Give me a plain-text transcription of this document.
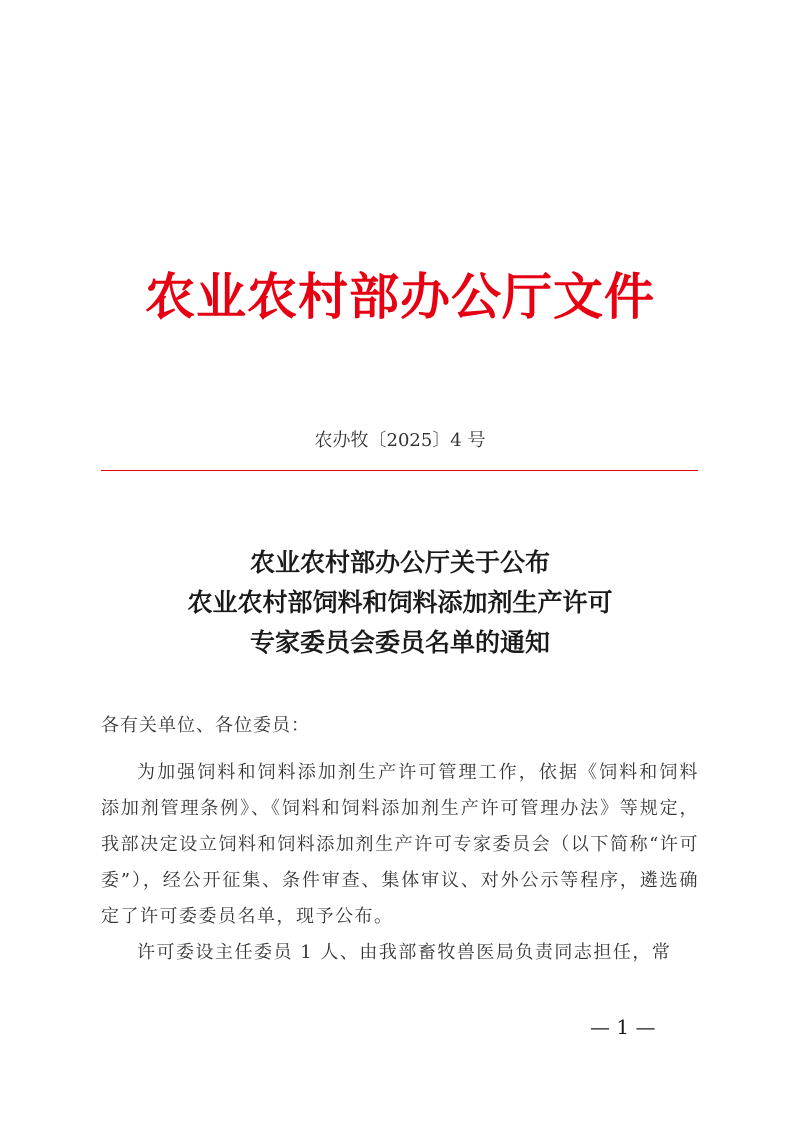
农业农村部办公厅文件
农办牧〔2025〕4 号
农业农村部办公厅关于公布
农业农村部饲料和饲料添加剂生产许可
专家委员会委员名单的通知
各有关单位、各位委员：
为加强饲料和饲料添加剂生产许可管理工作，依据《饲料和饲料添加剂管理条例》、《饲料和饲料添加剂生产许可管理办法》等规定，我部决定设立饲料和饲料添加剂生产许可专家委员会（以下简称“许可委”），经公开征集、条件审查、集体审议、对外公示等程序，遴选确定了许可委委员名单，现予公布。
许可委设主任委员 1 人、由我部畜牧兽医局负责同志担任，常
— 1 —
